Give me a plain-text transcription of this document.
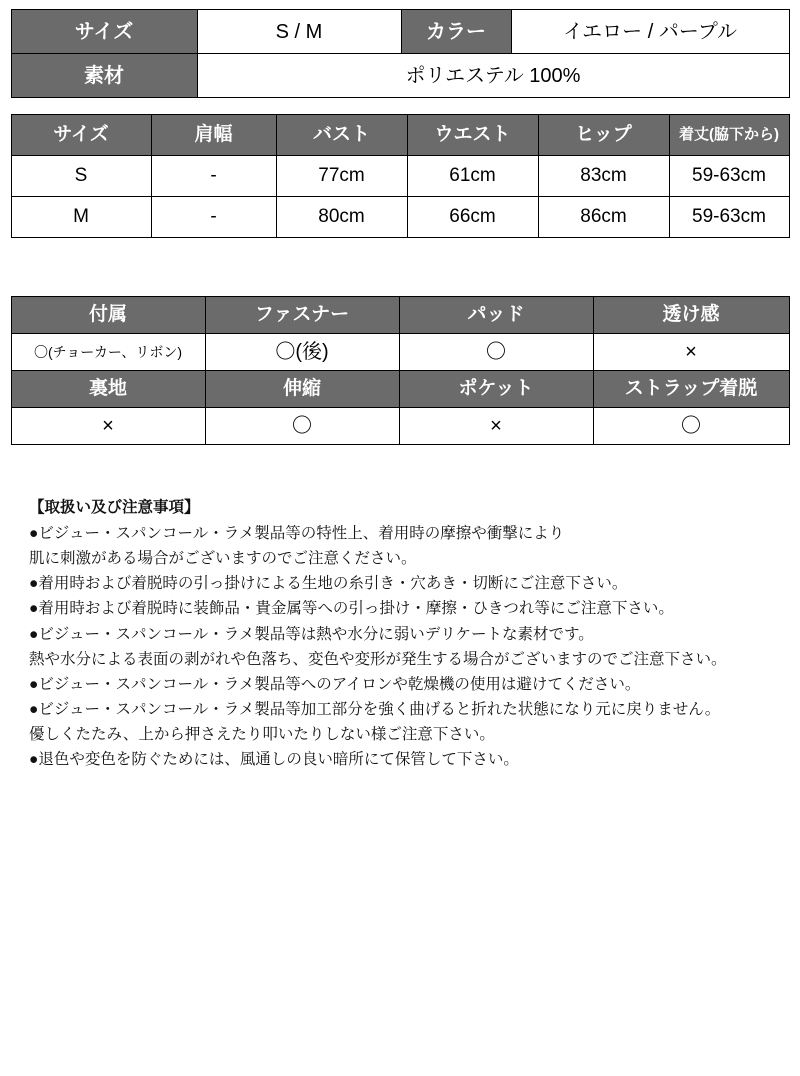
サイズ	S / M	カラー	イエロー / パープル
素材	ポリエステル 100%		
サイズ	肩幅	バスト	ウエスト	ヒップ	着丈(脇下から)
S	-	77cm	61cm	83cm	59-63cm
M	-	80cm	66cm	86cm	59-63cm
付属	ファスナー	パッド	透け感
〇(チョーカー、リボン)	〇(後)	〇	×
裏地	伸縮	ポケット	ストラップ着脱
×	〇	×	〇

【取扱い及び注意事項】

●ビジュー・スパンコール・ラメ製品等の特性上、着用時の摩擦や衝撃により

肌に刺激がある場合がございますのでご注意ください。

●着用時および着脱時の引っ掛けによる生地の糸引き・穴あき・切断にご注意下さい。

●着用時および着脱時に装飾品・貴金属等への引っ掛け・摩擦・ひきつれ等にご注意下さい。

●ビジュー・スパンコール・ラメ製品等は熱や水分に弱いデリケートな素材です。

熱や水分による表面の剥がれや色落ち、変色や変形が発生する場合がございますのでご注意下さい。

●ビジュー・スパンコール・ラメ製品等へのアイロンや乾燥機の使用は避けてください。

●ビジュー・スパンコール・ラメ製品等加工部分を強く曲げると折れた状態になり元に戻りません。

優しくたたみ、上から押さえたり叩いたりしない様ご注意下さい。

●退色や変色を防ぐためには、風通しの良い暗所にて保管して下さい。
